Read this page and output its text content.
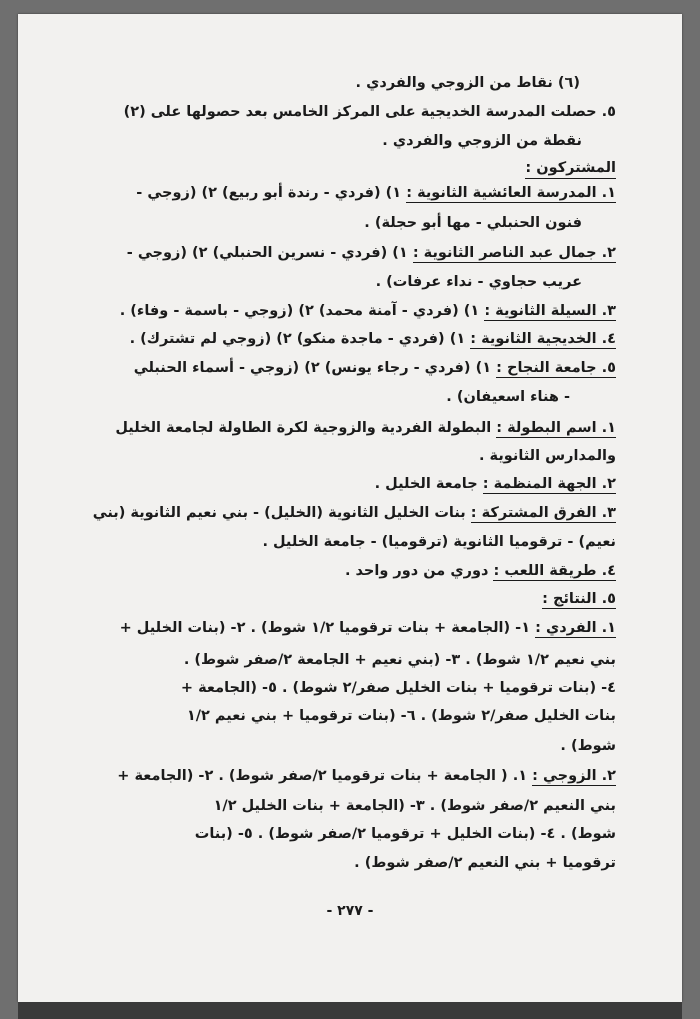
(٦) نقاط من الزوجي والفردي .
٥. حصلت المدرسة الخديجية على المركز الخامس بعد حصولها على (٢)
نقطة من الزوجي والفردي .
المشتركون :
١. المدرسة العائشية الثانوية : ١) (فردي - رندة أبو ربيع) ٢) (زوجي -
فنون الحنبلي - مها أبو حجلة) .
٢. جمال عبد الناصر الثانوية : ١) (فردي - نسرين الحنبلي) ٢) (زوجي -
عريب حجاوي - نداء عرفات) .
٣. السيلة الثانوية : ١) (فردي - آمنة محمد) ٢) (زوجي - باسمة - وفاء) .
٤. الخديجية الثانوية : ١) (فردي - ماجدة منكو) ٢) (زوجي لم تشترك) .
٥. جامعة النجاح : ١) (فردي - رجاء يونس) ٢) (زوجي - أسماء الحنبلي
- هناء اسعيفان) .
١. اسم البطولة : البطولة الفردية والزوجية لكرة الطاولة لجامعة الخليل
والمدارس الثانوية .
٢. الجهة المنظمة : جامعة الخليل .
٣. الفرق المشتركة : بنات الخليل الثانوية (الخليل) - بني نعيم الثانوية (بني
نعيم) - ترقوميا الثانوية (ترقوميا) - جامعة الخليل .
٤. طريقة اللعب : دوري من دور واحد .
٥. النتائج :
١. الفردي : ١- (الجامعة + بنات ترقوميا ١/٢ شوط) . ٢- (بنات الخليل +
بني نعيم ١/٢ شوط) . ٣- (بني نعيم + الجامعة ٢/صفر شوط) .
٤- (بنات ترقوميا + بنات الخليل صفر/٢ شوط) . ٥- (الجامعة +
بنات الخليل صفر/٢ شوط) . ٦- (بنات ترقوميا + بني نعيم ١/٢
شوط) .
٢. الزوجي : ١. ( الجامعة + بنات ترقوميا ٢/صفر شوط) . ٢- (الجامعة +
بني النعيم ٢/صفر شوط) . ٣- (الجامعة + بنات الخليل ١/٢
شوط) . ٤- (بنات الخليل + ترقوميا ٢/صفر شوط) . ٥- (بنات
ترقوميا + بني النعيم ٢/صفر شوط) .
- ٢٧٧ -
